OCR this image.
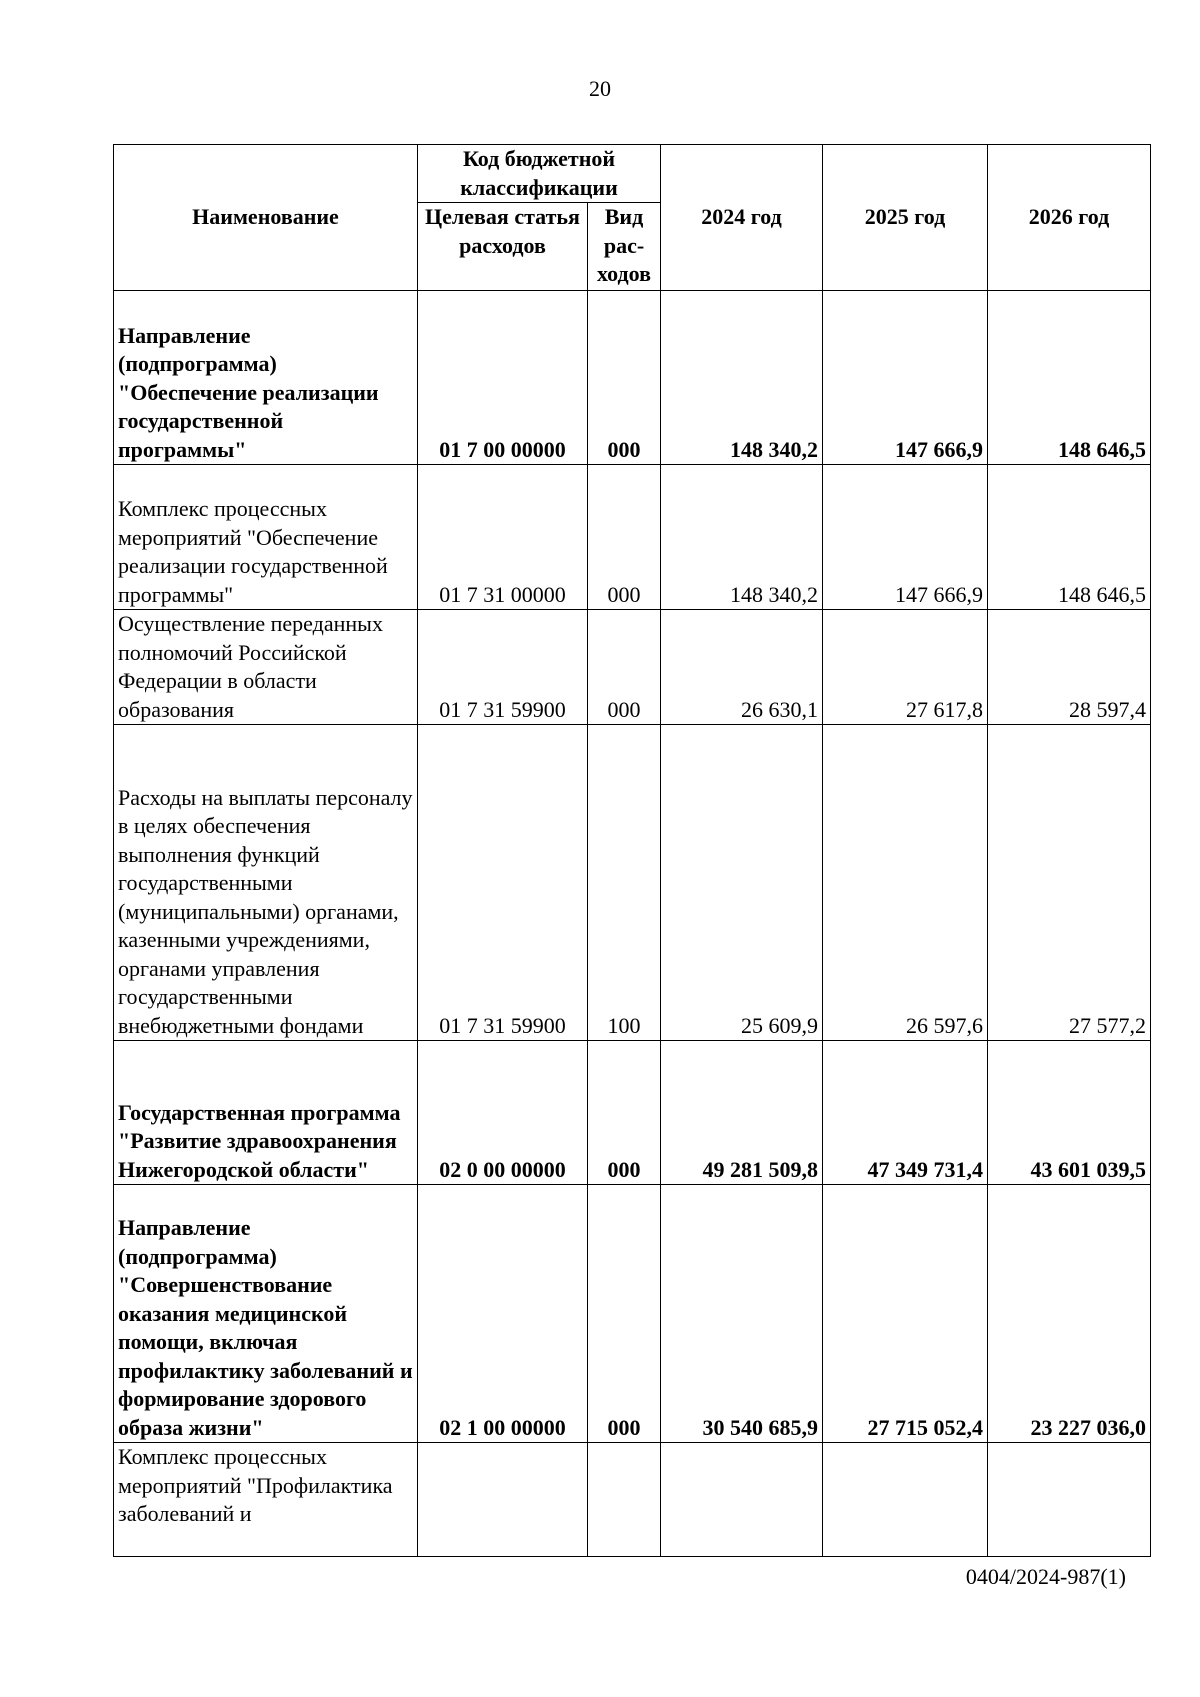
20
Наименование	Код бюджетной классификации		2024 год	2025 год	2026 год
	Целевая статья расходов	Вид рас-ходов			
Направление (подпрограмма) "Обеспечение реализации государственной программы"	01 7 00 00000	000	148 340,2	147 666,9	148 646,5
Комплекс процессных мероприятий "Обеспечение реализации государственной программы"	01 7 31 00000	000	148 340,2	147 666,9	148 646,5
Осуществление переданных полномочий Российской Федерации в области образования	01 7 31 59900	000	26 630,1	27 617,8	28 597,4
Расходы на выплаты персоналу в целях обеспечения выполнения функций государственными (муниципальными) органами, казенными учреждениями, органами управления государственными внебюджетными фондами	01 7 31 59900	100	25 609,9	26 597,6	27 577,2
Государственная программа "Развитие здравоохранения Нижегородской области"	02 0 00 00000	000	49 281 509,8	47 349 731,4	43 601 039,5
Направление (подпрограмма) "Совершенствование оказания медицинской помощи, включая профилактику заболеваний и формирование здорового образа жизни"	02 1 00 00000	000	30 540 685,9	27 715 052,4	23 227 036,0
Комплекс процессных мероприятий "Профилактика заболеваний и					
0404/2024-987(1)
